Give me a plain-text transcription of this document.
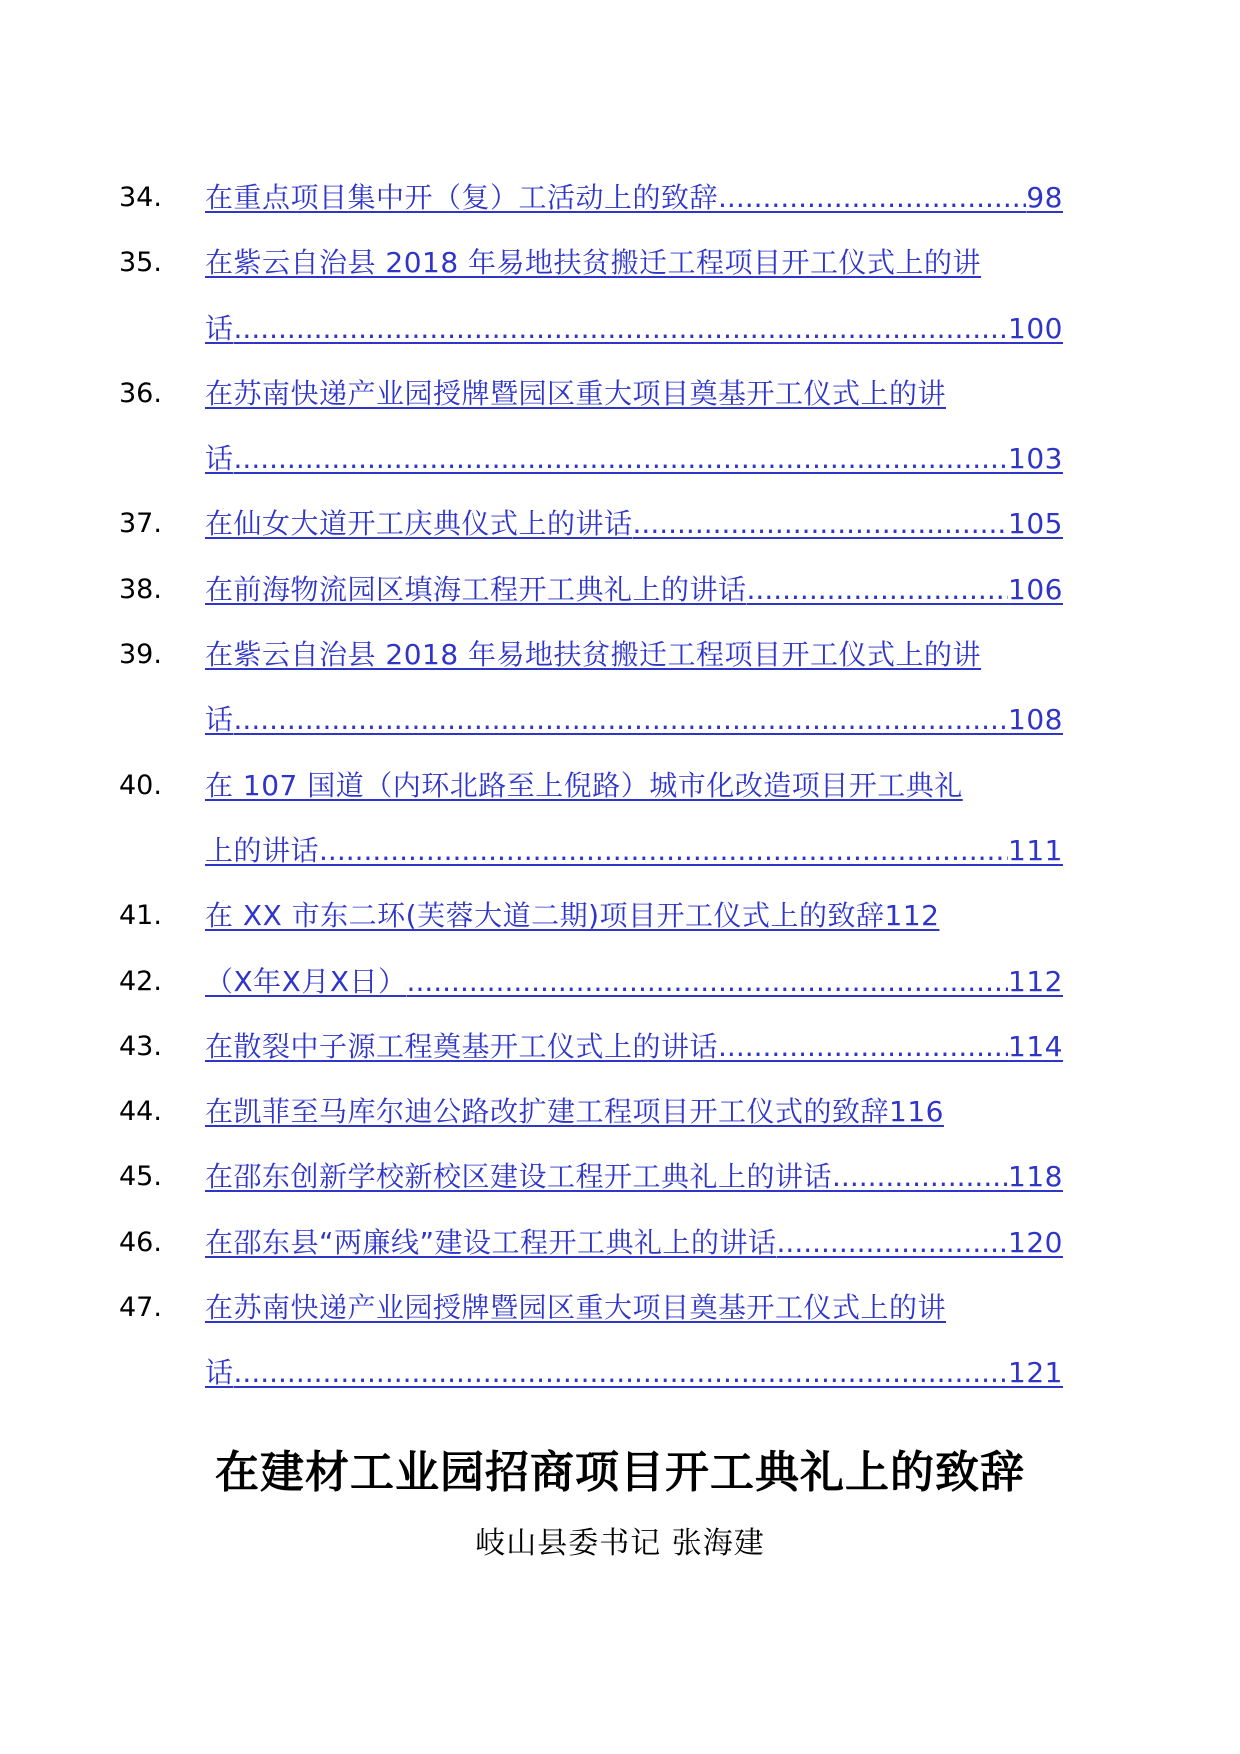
34.	在重点项目集中开（复）工活动上的致辞 .....	98
35.	在紫云自治县 2018 年易地扶贫搬迁工程项目开工仪式上的讲
话 .....	100
36.	在苏南快递产业园授牌暨园区重大项目奠基开工仪式上的讲
话 .....	103
37.	在仙女大道开工庆典仪式上的讲话 .....	105
38.	在前海物流园区填海工程开工典礼上的讲话 .....	106
39.	在紫云自治县 2018 年易地扶贫搬迁工程项目开工仪式上的讲
话 .....	108
40.	在 107 国道（内环北路至上倪路）城市化改造项目开工典礼
上的讲话 .....	111
41.	在 XX 市东二环(芙蓉大道二期)项目开工仪式上的致辞 112
42.	（X年X月X日） .....	112
43.	在散裂中子源工程奠基开工仪式上的讲话 .....	114
44.	在凯菲至马库尔迪公路改扩建工程项目开工仪式的致辞 116
45.	在邵东创新学校新校区建设工程开工典礼上的讲话 .....	118
46.	在邵东县“两廉线”建设工程开工典礼上的讲话 .....	120
47.	在苏南快递产业园授牌暨园区重大项目奠基开工仪式上的讲
话 .....	121
在建材工业园招商项目开工典礼上的致辞
岐山县委书记 张海建
